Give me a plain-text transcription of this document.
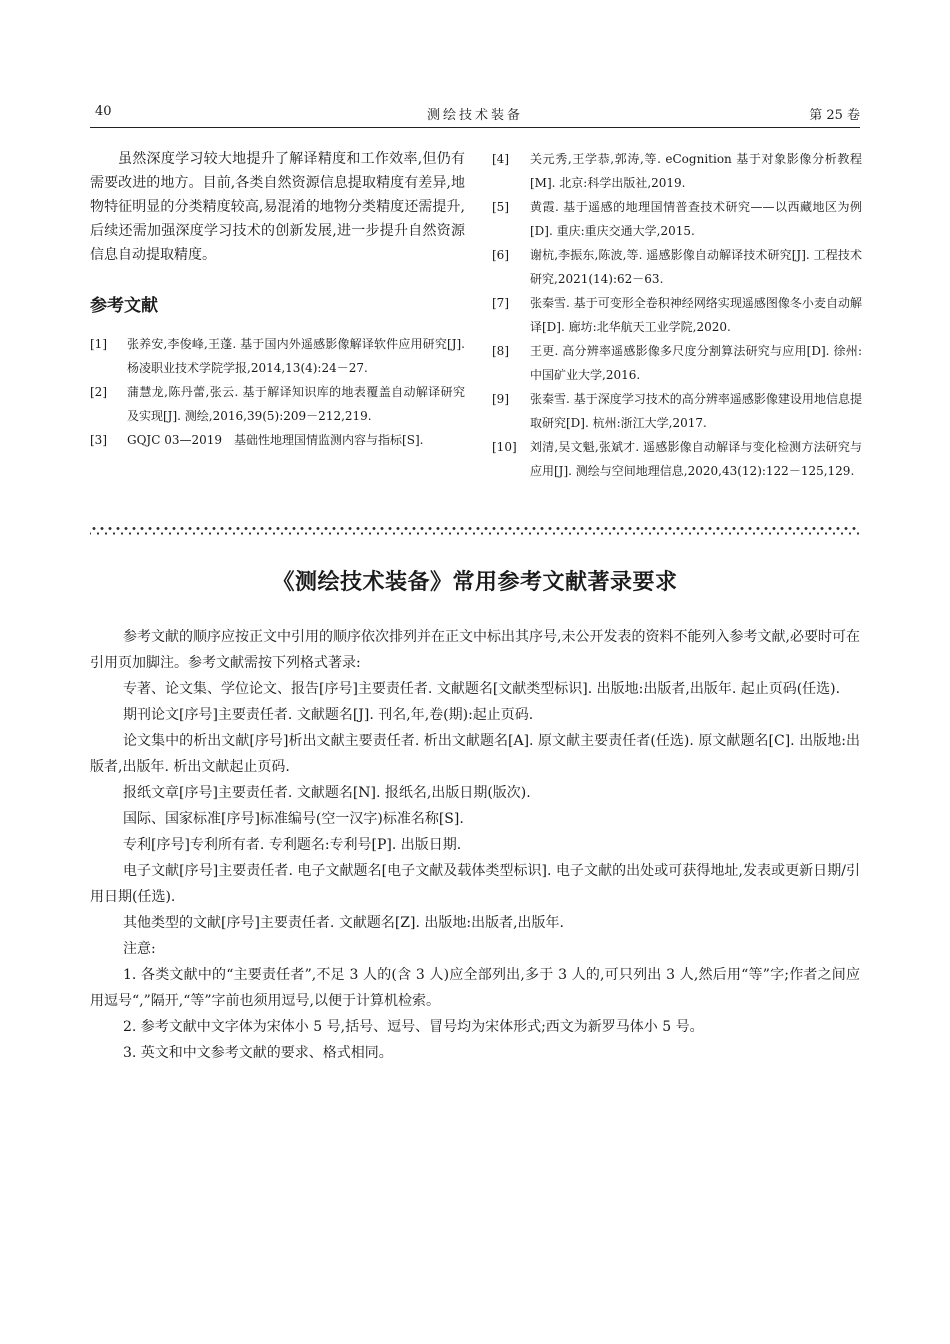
40	测绘技术装备	第 25 卷

虽然深度学习较大地提升了解译精度和工作效率,但仍有需要改进的地方。目前,各类自然资源信息提取精度有差异,地物特征明显的分类精度较高,易混淆的地物分类精度还需提升,后续还需加强深度学习技术的创新发展,进一步提升自然资源信息自动提取精度。

参考文献

[1] 张养安,李俊峰,王蓬. 基于国内外遥感影像解译软件应用研究[J]. 杨凌职业技术学院学报,2014,13(4):24－27.

[2] 蒲慧龙,陈丹蕾,张云. 基于解译知识库的地表覆盖自动解译研究及实现[J]. 测绘,2016,39(5):209－212,219.

[3] GQJC 03—2019　基础性地理国情监测内容与指标[S].

[4] 关元秀,王学恭,郭涛,等. eCognition 基于对象影像分析教程[M]. 北京:科学出版社,2019.

[5] 黄霞. 基于遥感的地理国情普查技术研究——以西藏地区为例[D]. 重庆:重庆交通大学,2015.

[6] 谢杭,李振东,陈波,等. 遥感影像自动解译技术研究[J]. 工程技术研究,2021(14):62－63.

[7] 张秦雪. 基于可变形全卷积神经网络实现遥感图像冬小麦自动解译[D]. 廊坊:北华航天工业学院,2020.

[8] 王更. 高分辨率遥感影像多尺度分割算法研究与应用[D]. 徐州:中国矿业大学,2016.

[9] 张秦雪. 基于深度学习技术的高分辨率遥感影像建设用地信息提取研究[D]. 杭州:浙江大学,2017.

[10] 刘清,吴文魁,张斌才. 遥感影像自动解译与变化检测方法研究与应用[J]. 测绘与空间地理信息,2020,43(12):122－125,129.

《测绘技术装备》常用参考文献著录要求

参考文献的顺序应按正文中引用的顺序依次排列并在正文中标出其序号,未公开发表的资料不能列入参考文献,必要时可在引用页加脚注。参考文献需按下列格式著录:

专著、论文集、学位论文、报告[序号]主要责任者. 文献题名[文献类型标识]. 出版地:出版者,出版年. 起止页码(任选).

期刊论文[序号]主要责任者. 文献题名[J]. 刊名,年,卷(期):起止页码.

论文集中的析出文献[序号]析出文献主要责任者. 析出文献题名[A]. 原文献主要责任者(任选). 原文献题名[C]. 出版地:出版者,出版年. 析出文献起止页码.

报纸文章[序号]主要责任者. 文献题名[N]. 报纸名,出版日期(版次).

国际、国家标准[序号]标准编号(空一汉字)标准名称[S].

专利[序号]专利所有者. 专利题名:专利号[P]. 出版日期.

电子文献[序号]主要责任者. 电子文献题名[电子文献及载体类型标识]. 电子文献的出处或可获得地址,发表或更新日期/引用日期(任选).

其他类型的文献[序号]主要责任者. 文献题名[Z]. 出版地:出版者,出版年.

注意:

1. 各类文献中的“主要责任者”,不足 3 人的(含 3 人)应全部列出,多于 3 人的,可只列出 3 人,然后用“等”字;作者之间应用逗号“,”隔开,“等”字前也须用逗号,以便于计算机检索。

2. 参考文献中文字体为宋体小 5 号,括号、逗号、冒号均为宋体形式;西文为新罗马体小 5 号。

3. 英文和中文参考文献的要求、格式相同。
